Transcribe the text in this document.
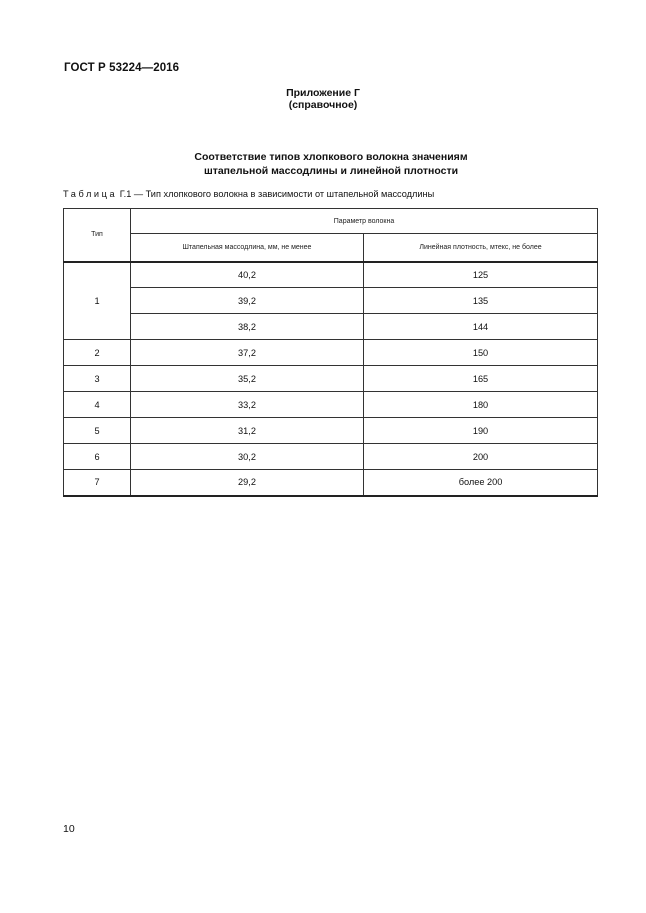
ГОСТ Р 53224—2016
Приложение Г
(справочное)
Соответствие типов хлопкового волокна значениям
штапельной массодлины и линейной плотности
Таблица Г.1 — Тип хлопкового волокна в зависимости от штапельной массодлины
Тип	Параметр волокна	
	Штапельная массодлина, мм, не менее	Линейная плотность, мтекс, не более
1	40,2	125
	39,2	135
	38,2	144
2	37,2	150
3	35,2	165
4	33,2	180
5	31,2	190
6	30,2	200
7	29,2	более 200
10
